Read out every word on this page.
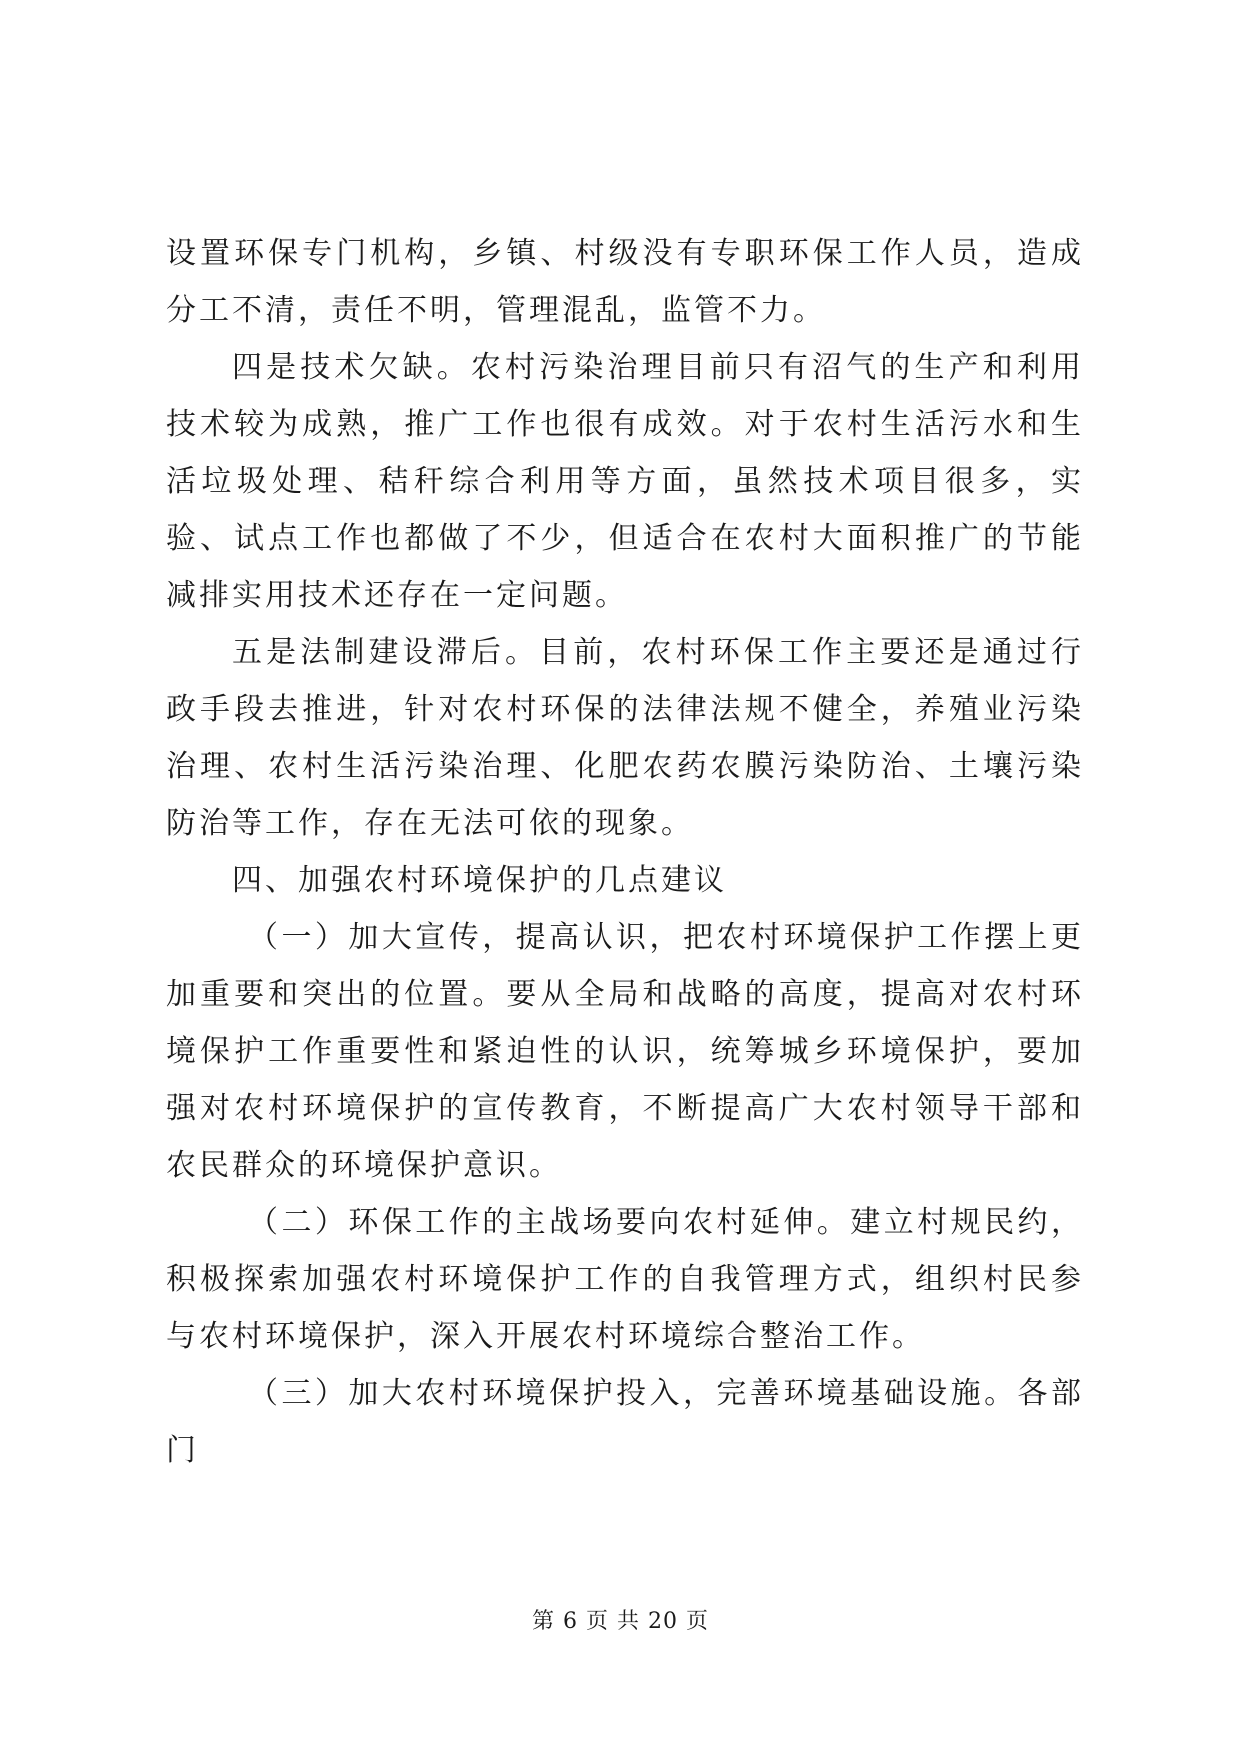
设置环保专门机构，乡镇、村级没有专职环保工作人员，造成分工不清，责任不明，管理混乱，监管不力。

四是技术欠缺。农村污染治理目前只有沼气的生产和利用技术较为成熟，推广工作也很有成效。对于农村生活污水和生活垃圾处理、秸秆综合利用等方面，虽然技术项目很多，实验、试点工作也都做了不少，但适合在农村大面积推广的节能减排实用技术还存在一定问题。

五是法制建设滞后。目前，农村环保工作主要还是通过行政手段去推进，针对农村环保的法律法规不健全，养殖业污染治理、农村生活污染治理、化肥农药农膜污染防治、土壤污染防治等工作，存在无法可依的现象。

四、加强农村环境保护的几点建议

（一）加大宣传，提高认识，把农村环境保护工作摆上更加重要和突出的位置。要从全局和战略的高度，提高对农村环境保护工作重要性和紧迫性的认识，统筹城乡环境保护，要加强对农村环境保护的宣传教育，不断提高广大农村领导干部和农民群众的环境保护意识。

（二）环保工作的主战场要向农村延伸。建立村规民约，积极探索加强农村环境保护工作的自我管理方式，组织村民参与农村环境保护，深入开展农村环境综合整治工作。

（三）加大农村环境保护投入，完善环境基础设施。各部门

第 6 页 共 20 页
